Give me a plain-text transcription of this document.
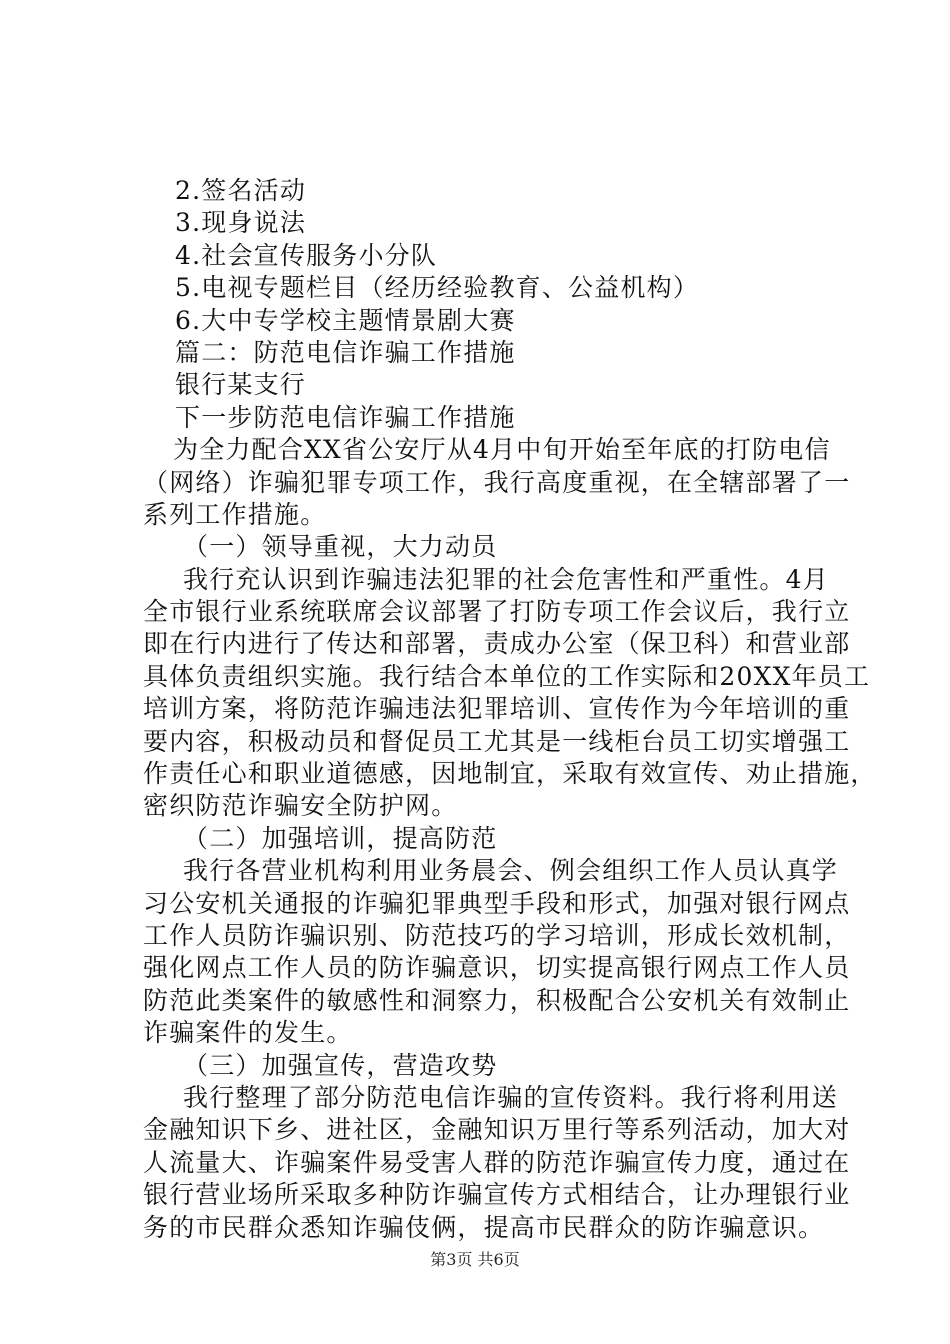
2.签名活动
3.现身说法
4.社会宣传服务小分队
5.电视专题栏目（经历经验教育、公益机构）
6.大中专学校主题情景剧大赛
篇二：防范电信诈骗工作措施
银行某支行
下一步防范电信诈骗工作措施
为全力配合XX省公安厅从4月中旬开始至年底的打防电信
（网络）诈骗犯罪专项工作，我行高度重视，在全辖部署了一
系列工作措施。
（一）领导重视，大力动员
我行充认识到诈骗违法犯罪的社会危害性和严重性。4月
全市银行业系统联席会议部署了打防专项工作会议后，我行立
即在行内进行了传达和部署，责成办公室（保卫科）和营业部
具体负责组织实施。我行结合本单位的工作实际和20XX年员工
培训方案，将防范诈骗违法犯罪培训、宣传作为今年培训的重
要内容，积极动员和督促员工尤其是一线柜台员工切实增强工
作责任心和职业道德感，因地制宜，采取有效宣传、劝止措施，
密织防范诈骗安全防护网。
（二）加强培训，提高防范
我行各营业机构利用业务晨会、例会组织工作人员认真学
习公安机关通报的诈骗犯罪典型手段和形式，加强对银行网点
工作人员防诈骗识别、防范技巧的学习培训，形成长效机制，
强化网点工作人员的防诈骗意识，切实提高银行网点工作人员
防范此类案件的敏感性和洞察力，积极配合公安机关有效制止
诈骗案件的发生。
（三）加强宣传，营造攻势
我行整理了部分防范电信诈骗的宣传资料。我行将利用送
金融知识下乡、进社区，金融知识万里行等系列活动，加大对
人流量大、诈骗案件易受害人群的防范诈骗宣传力度，通过在
银行营业场所采取多种防诈骗宣传方式相结合，让办理银行业
务的市民群众悉知诈骗伎俩，提高市民群众的防诈骗意识。
第3页 共6页
